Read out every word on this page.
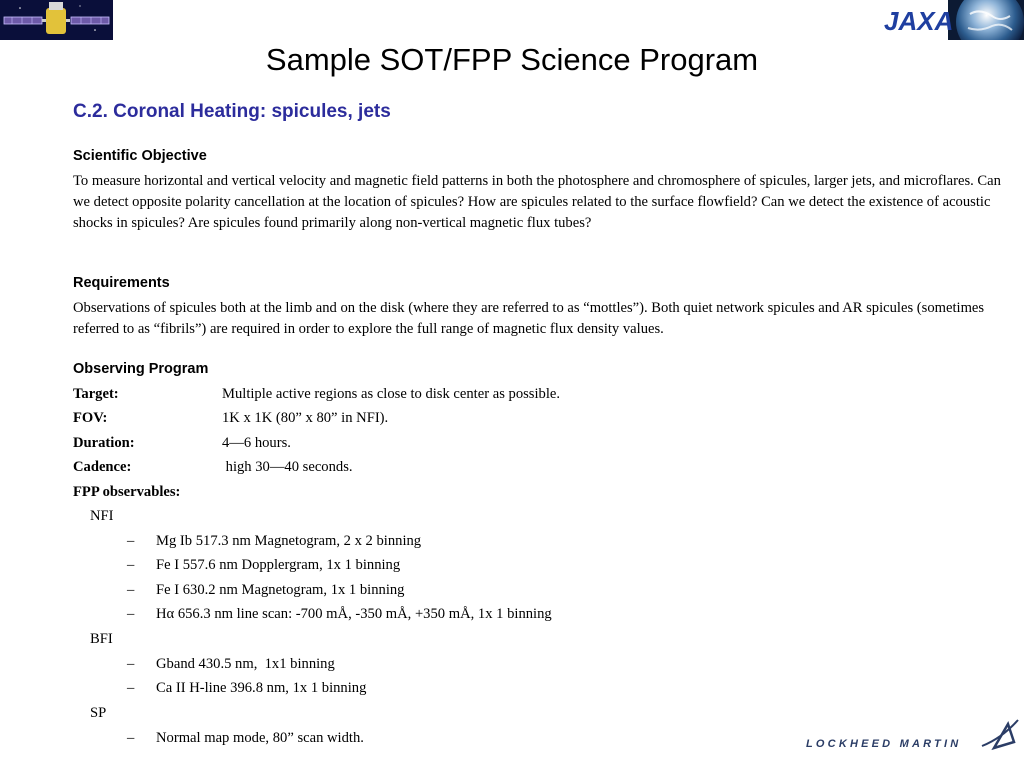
JAXA
Sample SOT/FPP Science Program
C.2. Coronal Heating: spicules, jets
Scientific Objective
To measure horizontal and vertical velocity and magnetic field patterns in both the photosphere and chromosphere of spicules, larger jets, and microflares. Can we detect opposite polarity cancellation at the location of spicules? How are spicules related to the surface flowfield? Can we detect the existence of acoustic shocks in spicules? Are spicules found primarily along non-vertical magnetic flux tubes?
Requirements
Observations of spicules both at the limb and on the disk (where they are referred to as “mottles”). Both quiet network spicules and AR spicules (sometimes referred to as “fibrils”) are required in order to explore the full range of magnetic flux density values.
Observing Program
Target:	Multiple active regions as close to disk center as possible.
FOV:	1K x 1K (80” x 80” in NFI).
Duration:	4—6 hours.
Cadence:	high 30—40 seconds.
FPP observables:
NFI
– Mg Ib 517.3 nm Magnetogram, 2 x 2 binning
– Fe I 557.6 nm Dopplergram, 1x 1 binning
– Fe I 630.2 nm Magnetogram, 1x 1 binning
– Hα 656.3 nm line scan: -700 mÅ, -350 mÅ, +350 mÅ, 1x 1 binning
BFI
– Gband 430.5 nm,  1x1 binning
– Ca II H-line 396.8 nm, 1x 1 binning
SP
– Normal map mode, 80” scan width.	LOCKHEED MARTIN
